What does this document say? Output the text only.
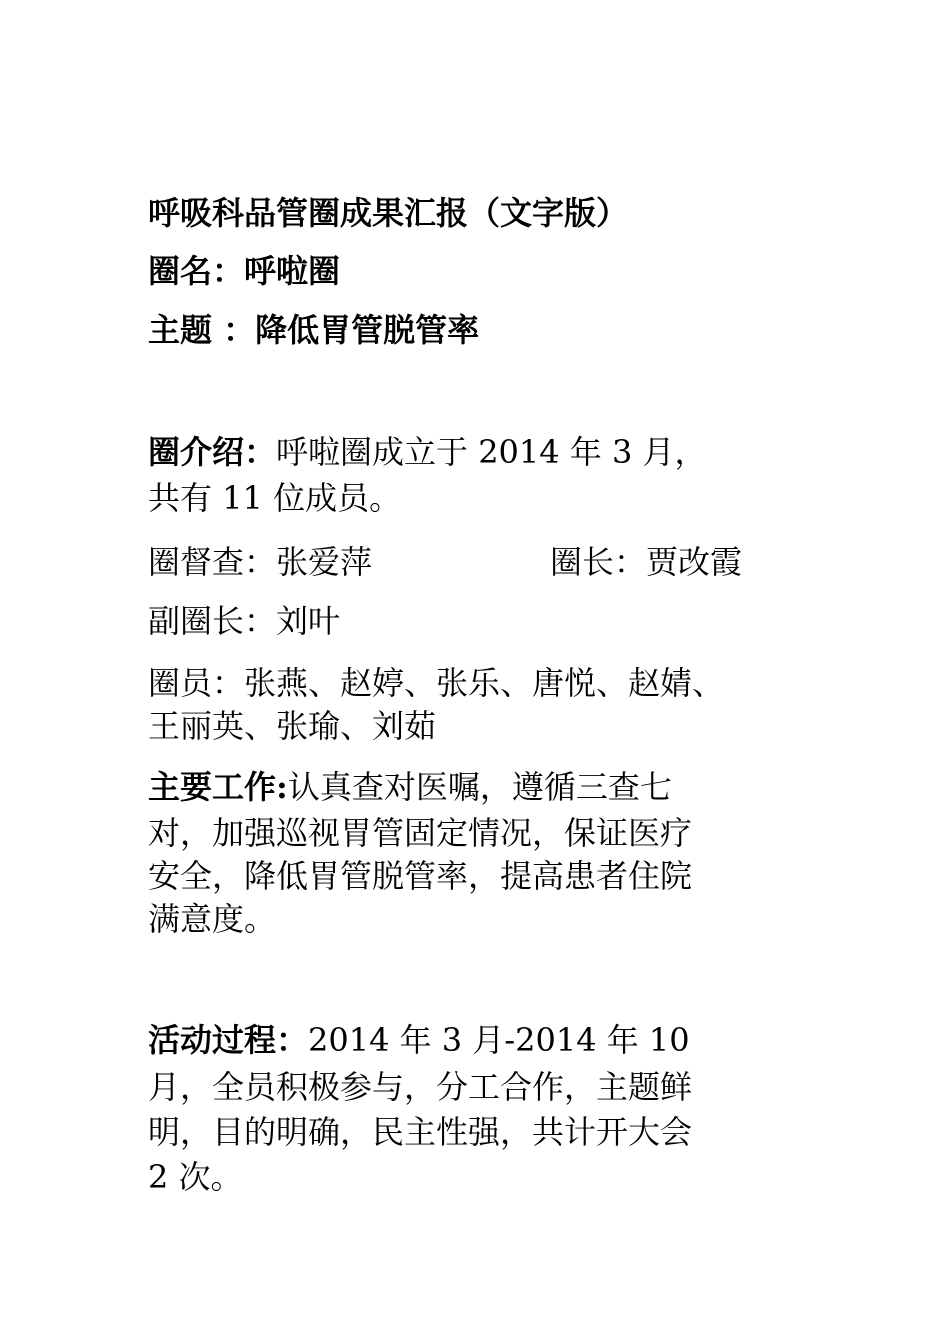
呼吸科品管圈成果汇报（文字版）
圈名：呼啦圈
主题 ：降低胃管脱管率
圈介绍：呼啦圈成立于 2014 年 3 月，
共有 11 位成员。
圈督查：张爱萍	圈长：贾改霞
副圈长：刘叶
圈员：张燕、赵婷、张乐、唐悦、赵婧、
王丽英、张瑜、刘茹
主要工作:认真查对医嘱，遵循三查七
对，加强巡视胃管固定情况，保证医疗
安全，降低胃管脱管率，提高患者住院
满意度。
活动过程：2014 年 3 月-2014 年 10
月，全员积极参与，分工合作，主题鲜
明，目的明确，民主性强，共计开大会
2 次。
